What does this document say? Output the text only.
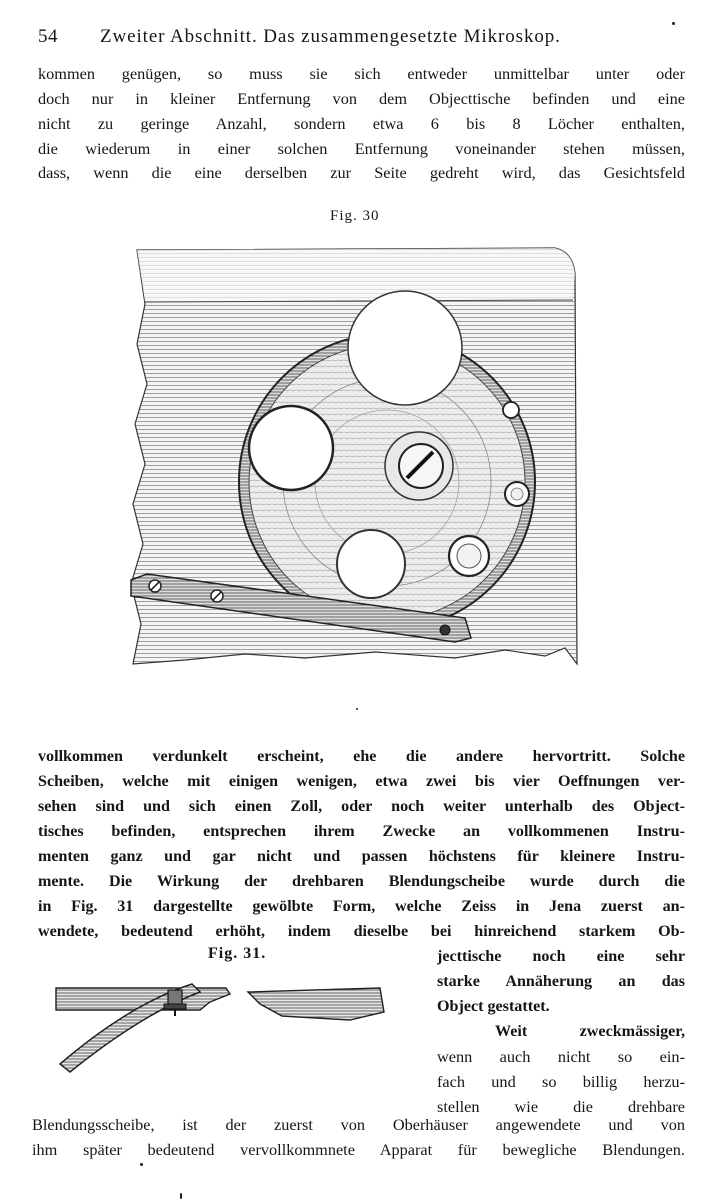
54 Zweiter Abschnitt. Das zusammengesetzte Mikroskop.
kommen genügen, so muss sie sich entweder unmittelbar unter oder
doch nur in kleiner Entfernung von dem Objecttische befinden und eine
nicht zu geringe Anzahl, sondern etwa 6 bis 8 Löcher enthalten,
die wiederum in einer solchen Entfernung voneinander stehen müssen,
dass, wenn die eine derselben zur Seite gedreht wird, das Gesichtsfeld
Fig. 30
vollkommen verdunkelt erscheint, ehe die andere hervortritt. Solche
Scheiben, welche mit einigen wenigen, etwa zwei bis vier Oeffnungen ver-
sehen sind und sich einen Zoll, oder noch weiter unterhalb des Object-
tisches befinden, entsprechen ihrem Zwecke an vollkommenen Instru-
menten ganz und gar nicht und passen höchstens für kleinere Instru-
mente. Die Wirkung der drehbaren Blendungscheibe wurde durch die
in Fig. 31 dargestellte gewölbte Form, welche Zeiss in Jena zuerst an-
wendete, bedeutend erhöht, indem dieselbe bei hinreichend starkem Ob-
Fig. 31.	jecttische noch eine sehr
starke Annäherung an das
Object gestattet.
Weit zweckmässiger,
wenn auch nicht so ein-
fach und so billig herzu-
stellen wie die drehbare
Blendungsscheibe, ist der zuerst von Oberhäuser angewendete und von
ihm später bedeutend vervollkommnete Apparat für bewegliche Blendungen.
